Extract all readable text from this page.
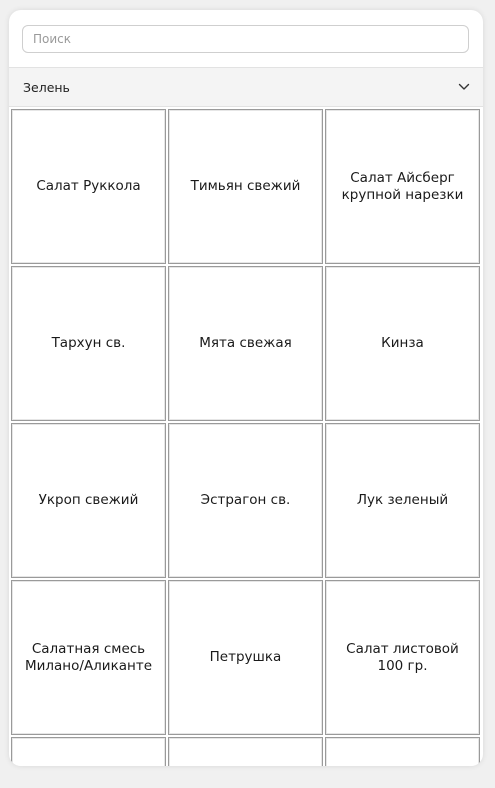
Поиск
Зелень
Салат Руккола	Тимьян свежий
Салат Айсберг крупной нарезки
Тархун св.	Мята свежая	Кинза
Укроп свежий	Эстрагон св.	Лук зеленый
Салатная смесь Милано/Аликанте
Петрушка
Салат листовой 100 гр.
